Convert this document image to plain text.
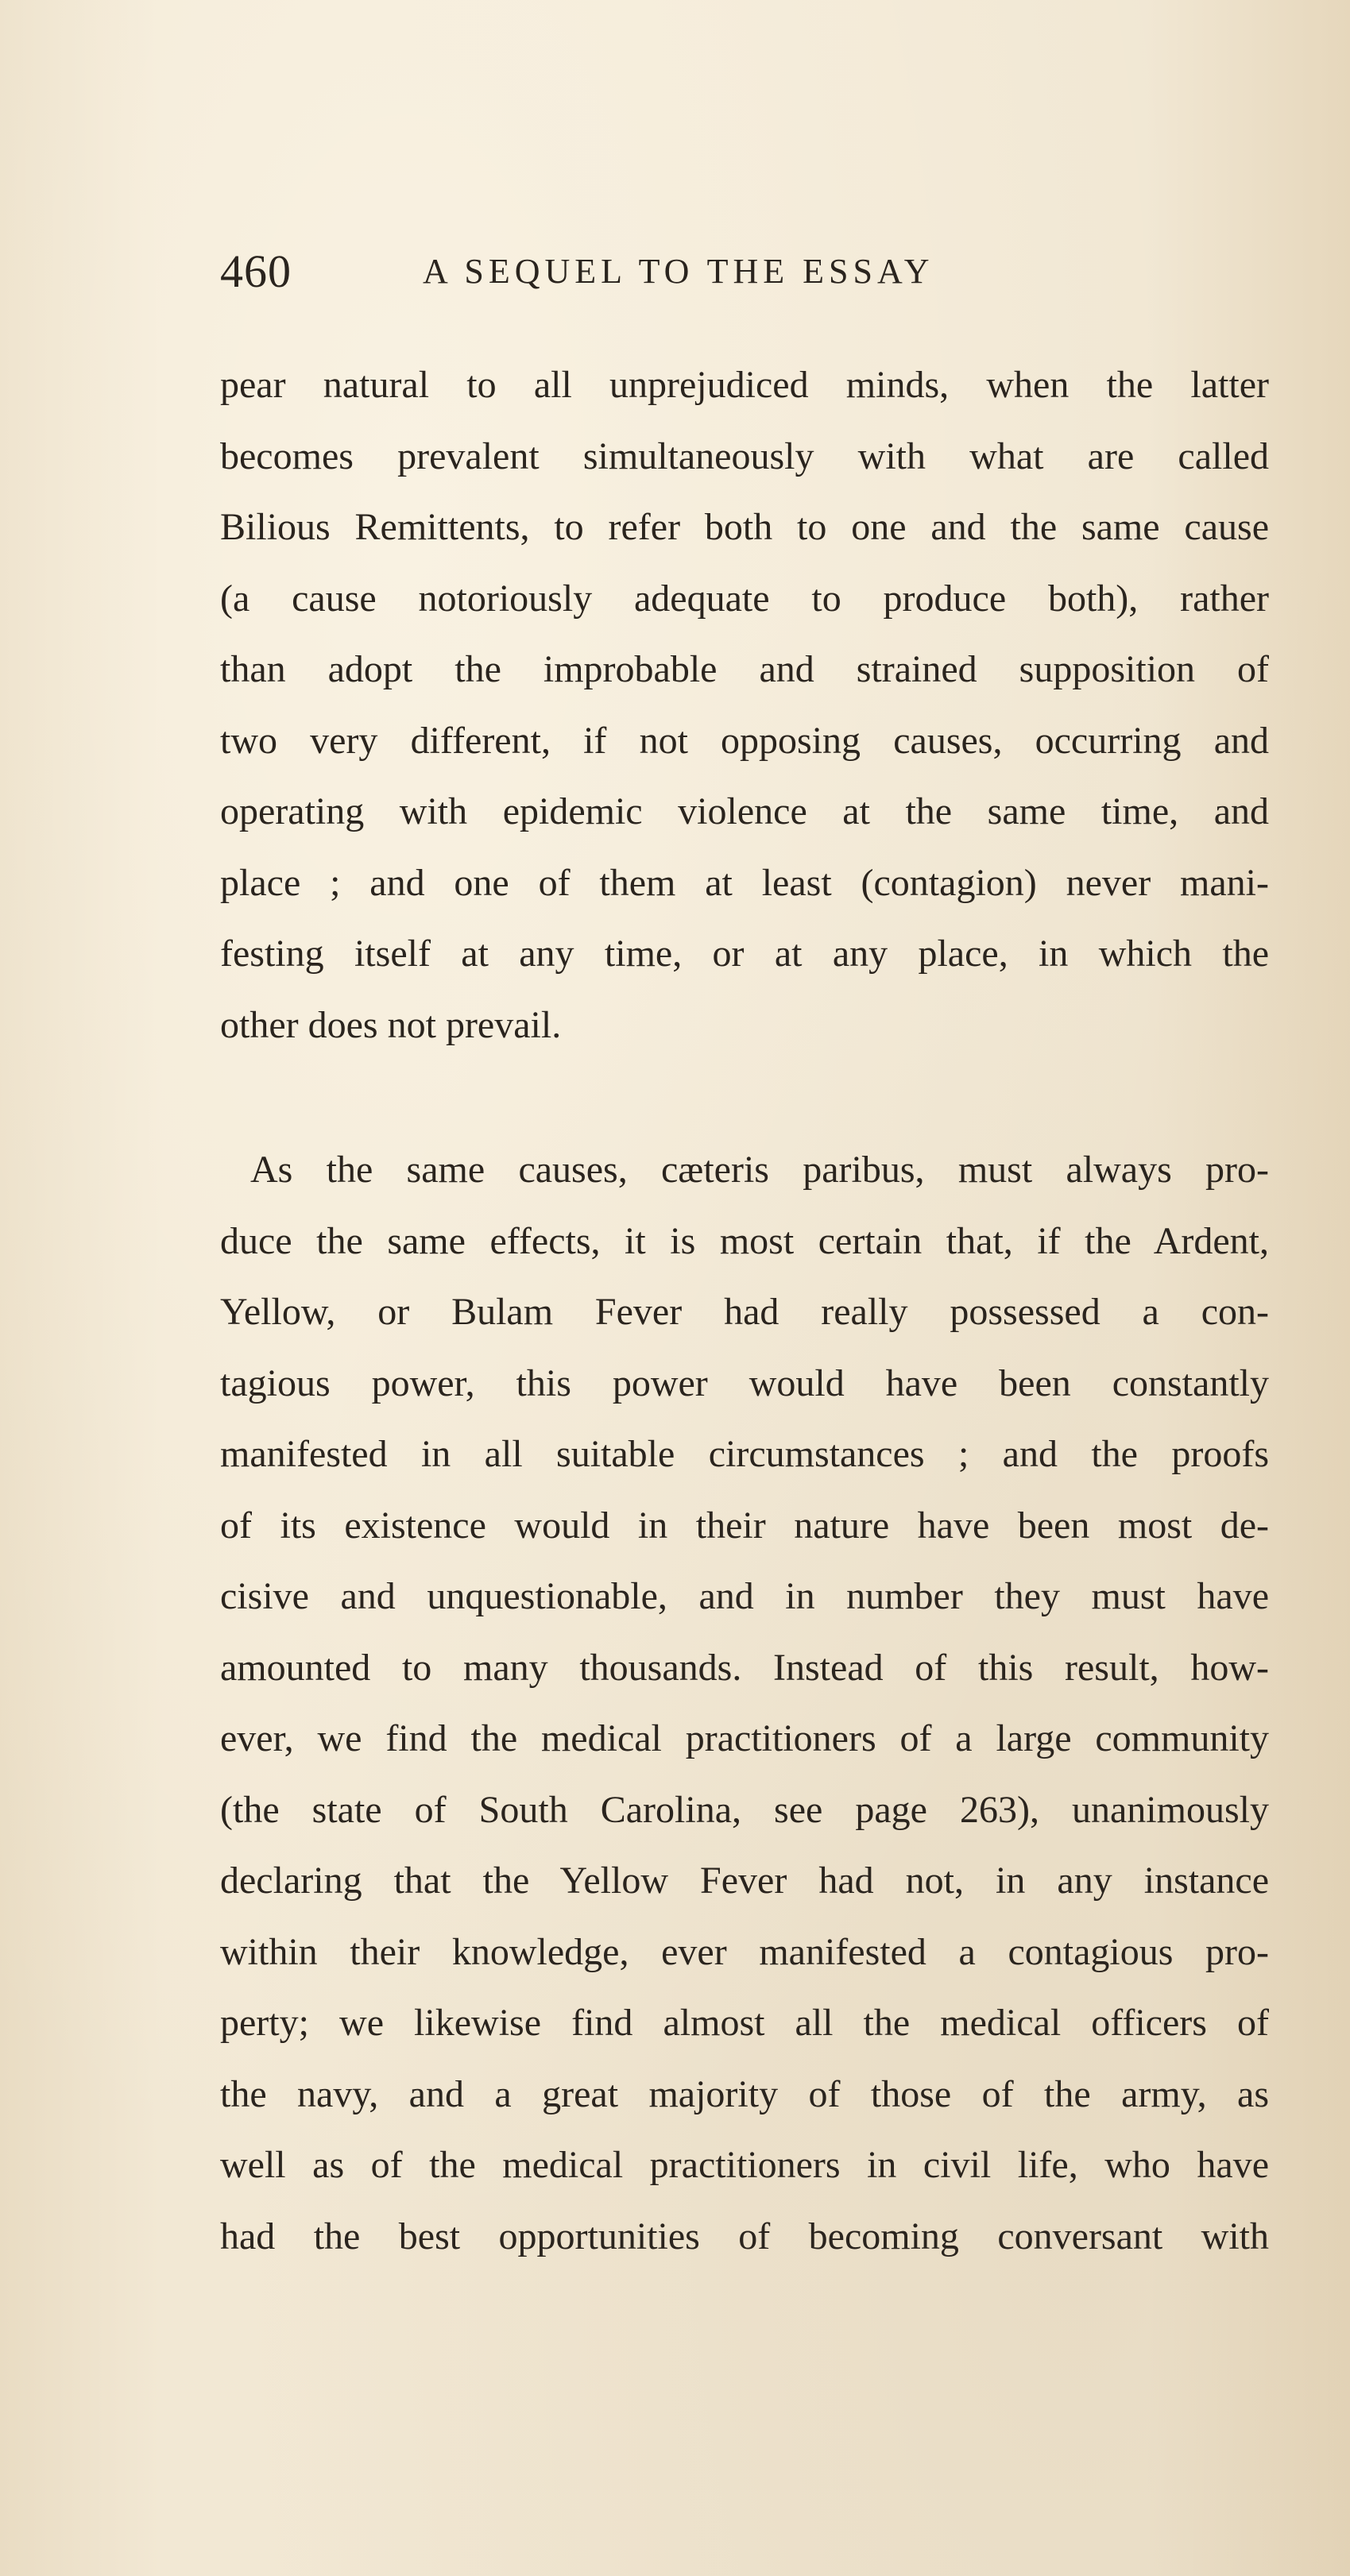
460	A SEQUEL TO THE ESSAY
pear natural to all unprejudiced minds, when the latter
becomes prevalent simultaneously with what are called
Bilious Remittents, to refer both to one and the same cause
(a cause notoriously adequate to produce both), rather
than adopt the improbable and strained supposition of
two very different, if not opposing causes, occurring and
operating with epidemic violence at the same time, and
place ; and one of them at least (contagion) never mani-
festing itself at any time, or at any place, in which the
other does not prevail.
As the same causes, cæteris paribus, must always pro-
duce the same effects, it is most certain that, if the Ardent,
Yellow, or Bulam Fever had really possessed a con-
tagious power, this power would have been constantly
manifested in all suitable circumstances ; and the proofs
of its existence would in their nature have been most de-
cisive and unquestionable, and in number they must have
amounted to many thousands. Instead of this result, how-
ever, we find the medical practitioners of a large community
(the state of South Carolina, see page 263), unanimously
declaring that the Yellow Fever had not, in any instance
within their knowledge, ever manifested a contagious pro-
perty; we likewise find almost all the medical officers of
the navy, and a great majority of those of the army, as
well as of the medical practitioners in civil life, who have
had the best opportunities of becoming conversant with
